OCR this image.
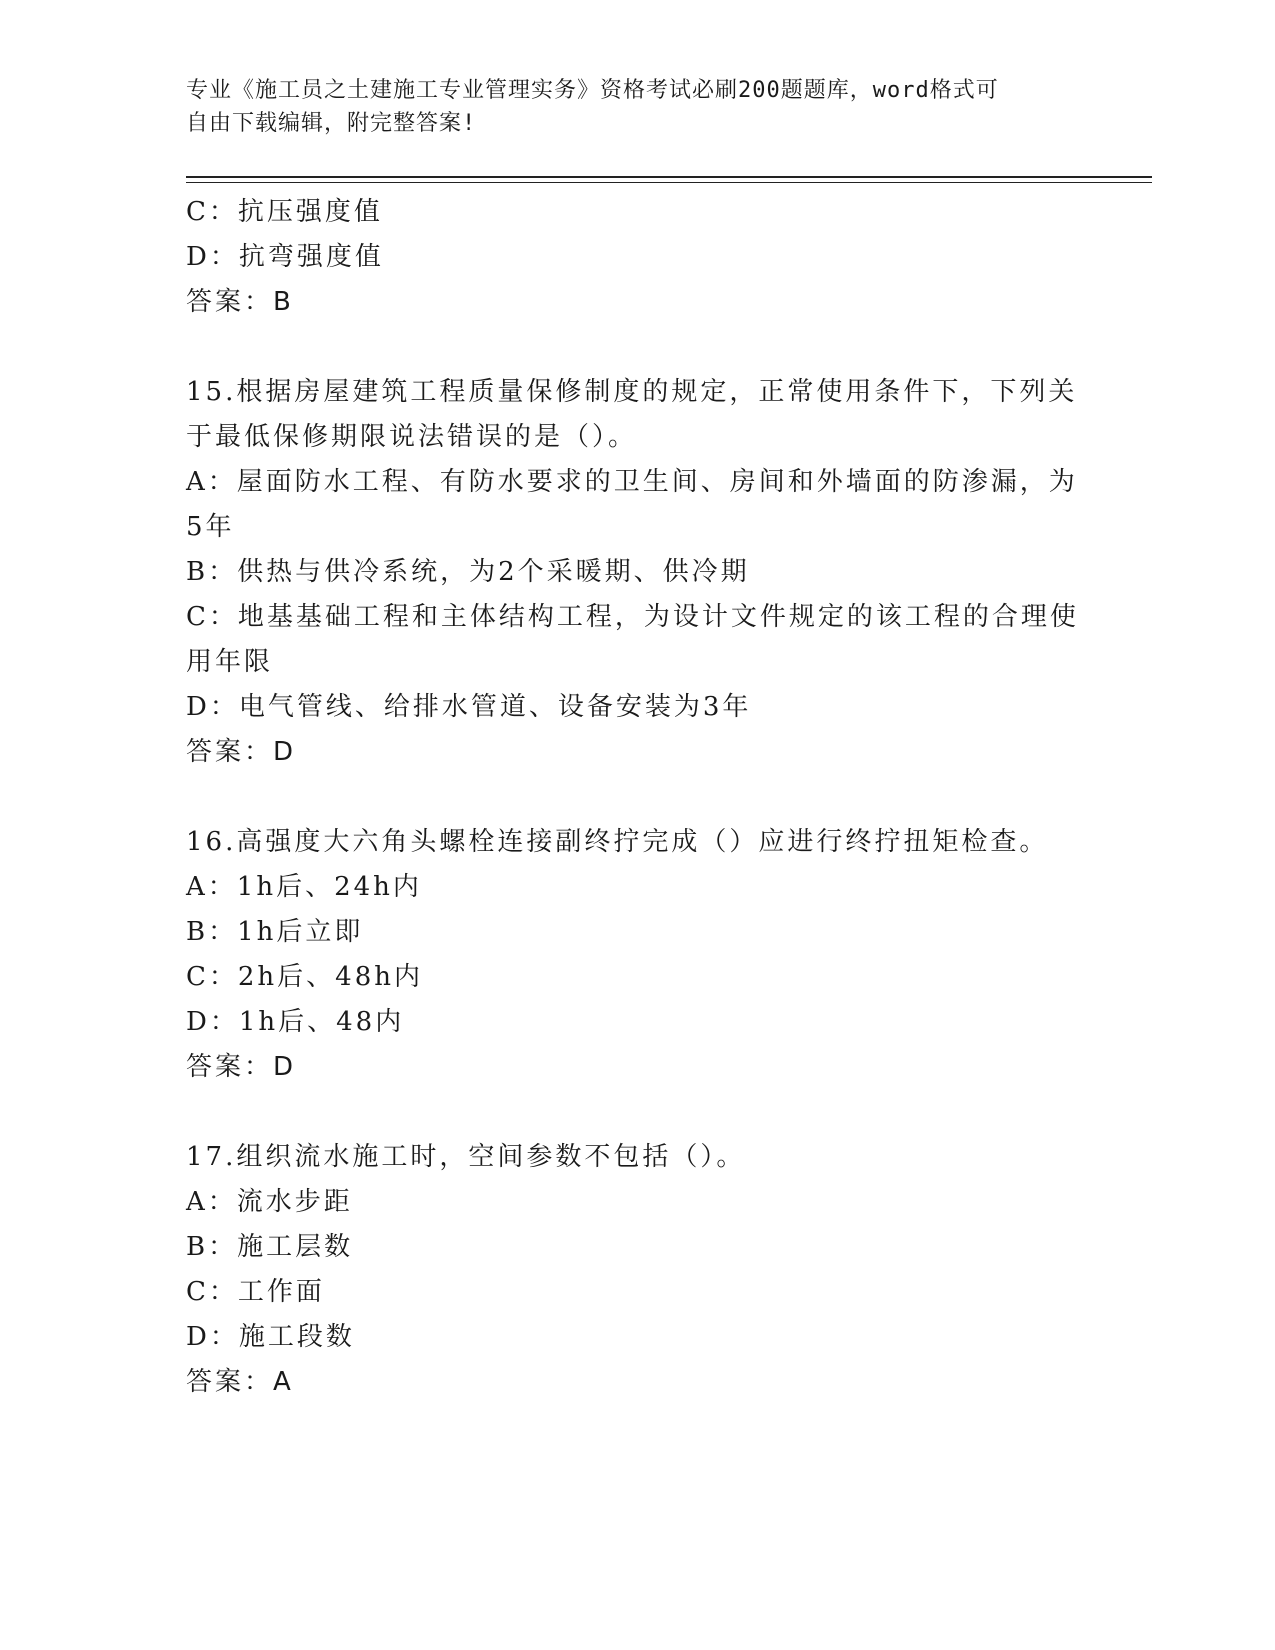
专业《施工员之土建施工专业管理实务》资格考试必刷200题题库，word格式可
自由下载编辑，附完整答案!
C：抗压强度值
D：抗弯强度值
答案：B
15.根据房屋建筑工程质量保修制度的规定，正常使用条件下，下列关
于最低保修期限说法错误的是（）。
A：屋面防水工程、有防水要求的卫生间、房间和外墙面的防渗漏，为
5年
B：供热与供冷系统，为2个采暖期、供冷期
C：地基基础工程和主体结构工程，为设计文件规定的该工程的合理使
用年限
D：电气管线、给排水管道、设备安装为3年
答案：D
16.高强度大六角头螺栓连接副终拧完成（）应进行终拧扭矩检查。
A：1h后、24h内
B：1h后立即
C：2h后、48h内
D：1h后、48内
答案：D
17.组织流水施工时，空间参数不包括（）。
A：流水步距
B：施工层数
C：工作面
D：施工段数
答案：A
